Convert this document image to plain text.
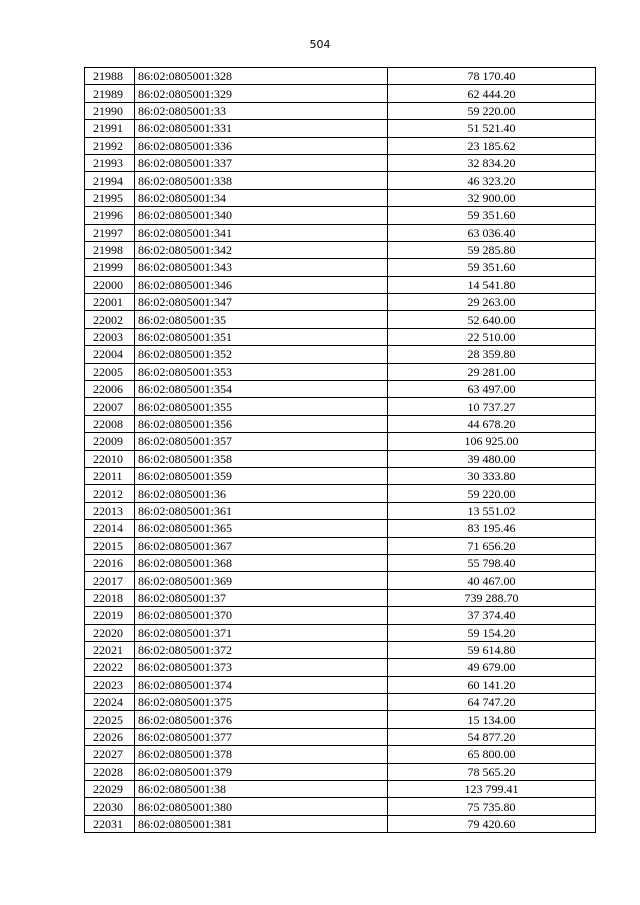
504
21988	86:02:0805001:328	78 170.40
21989	86:02:0805001:329	62 444.20
21990	86:02:0805001:33	59 220.00
21991	86:02:0805001:331	51 521.40
21992	86:02:0805001:336	23 185.62
21993	86:02:0805001:337	32 834.20
21994	86:02:0805001:338	46 323.20
21995	86:02:0805001:34	32 900.00
21996	86:02:0805001:340	59 351.60
21997	86:02:0805001:341	63 036.40
21998	86:02:0805001:342	59 285.80
21999	86:02:0805001:343	59 351.60
22000	86:02:0805001:346	14 541.80
22001	86:02:0805001:347	29 263.00
22002	86:02:0805001:35	52 640.00
22003	86:02:0805001:351	22 510.00
22004	86:02:0805001:352	28 359.80
22005	86:02:0805001:353	29 281.00
22006	86:02:0805001:354	63 497.00
22007	86:02:0805001:355	10 737.27
22008	86:02:0805001:356	44 678.20
22009	86:02:0805001:357	106 925.00
22010	86:02:0805001:358	39 480.00
22011	86:02:0805001:359	30 333.80
22012	86:02:0805001:36	59 220.00
22013	86:02:0805001:361	13 551.02
22014	86:02:0805001:365	83 195.46
22015	86:02:0805001:367	71 656.20
22016	86:02:0805001:368	55 798.40
22017	86:02:0805001:369	40 467.00
22018	86:02:0805001:37	739 288.70
22019	86:02:0805001:370	37 374.40
22020	86:02:0805001:371	59 154.20
22021	86:02:0805001:372	59 614.80
22022	86:02:0805001:373	49 679.00
22023	86:02:0805001:374	60 141.20
22024	86:02:0805001:375	64 747.20
22025	86:02:0805001:376	15 134.00
22026	86:02:0805001:377	54 877.20
22027	86:02:0805001:378	65 800.00
22028	86:02:0805001:379	78 565.20
22029	86:02:0805001:38	123 799.41
22030	86:02:0805001:380	75 735.80
22031	86:02:0805001:381	79 420.60
